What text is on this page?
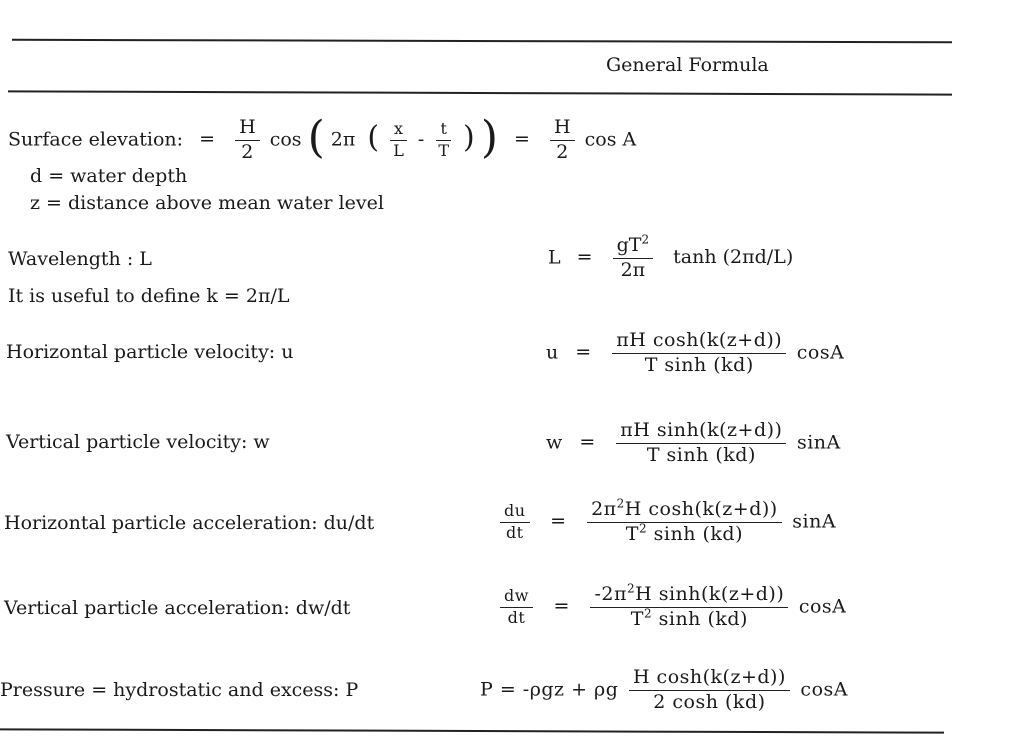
General Formula
Surface elevation: = $\frac{H}{2}$ cos ( 2π ( $\frac{x}{L} - \frac{t}{T}$ ) ) = $\frac{H}{2}$ cos A
d = water depth
z = distance above mean water level
Wavelength : L	$L = \frac{gT^2}{2\pi}$ tanh (2πd/L)
It is useful to define k = 2π/L
Horizontal particle velocity: u	$u = \frac{\text{πH cosh(k(z+d))}}{\text{T sinh (kd)}}$ cosA
Vertical particle velocity: w	$w = \frac{\text{πH sinh(k(z+d))}}{\text{T sinh (kd)}}$ sinA
Horizontal particle acceleration: du/dt	$\frac{du}{dt} = \frac{2\pi^2H \cosh(k(z+d))}{T^2 \sinh (kd)}$ sinA
Vertical particle acceleration: dw/dt	$\frac{dw}{dt} = \frac{-2\pi^2H \sinh(k(z+d))}{T^2 \sinh (kd)}$ cosA
Pressure = hydrostatic and excess: P	P = -ρgz + ρg $\frac{\text{H cosh(k(z+d))}}{2 \cosh (kd)}$ cosA
